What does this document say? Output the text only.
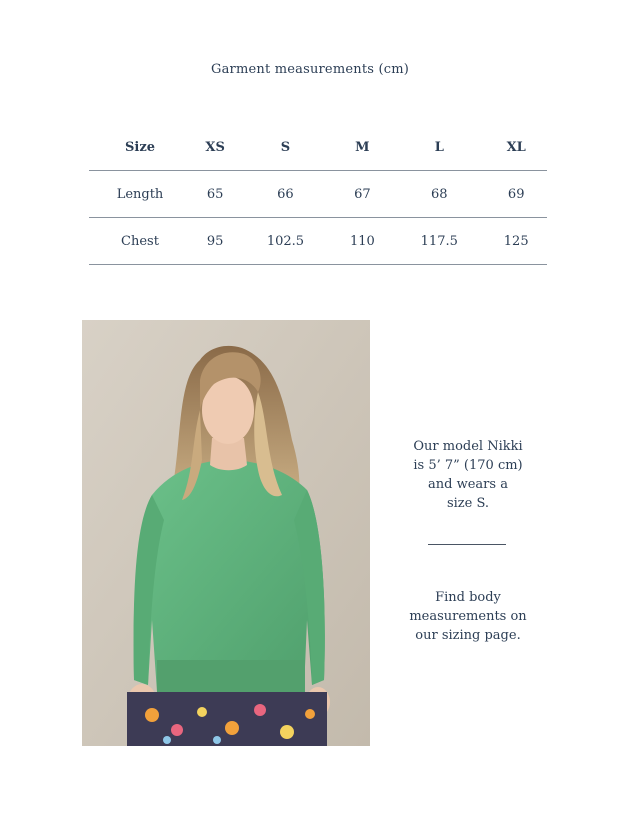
Garment measurements (cm)
Size	XS	S	M	L	XL
Length	65	66	67	68	69
Chest	95	102.5	110	117.5	125
Our model Nikki
is 5’ 7” (170 cm)
and wears a
size S.
Find body
measurements on
our sizing page.
